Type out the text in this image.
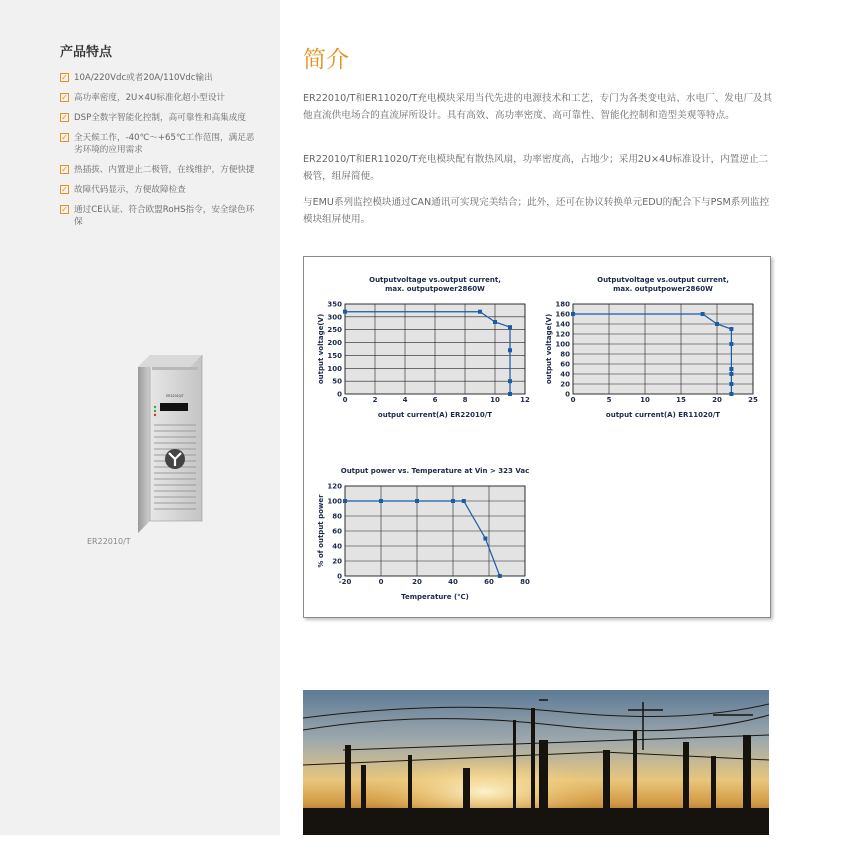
产品特点
✓ 10A/220Vdc或者20A/110Vdc输出
✓ 高功率密度，2U×4U标准化超小型设计
✓ DSP全数字智能化控制，高可靠性和高集成度
✓ 全天候工作，-40℃～+65℃工作范围，满足恶劣环境的应用需求
✓ 热插拔、内置逆止二极管，在线维护，方便快捷
✓ 故障代码显示，方便故障检查
✓ 通过CE认证、符合欧盟RoHS指令，安全绿色环保
ER22010/T
ER22010/T
简介

ER22010/T和ER11020/T充电模块采用当代先进的电源技术和工艺，专门为各类变电站、水电厂、发电厂及其他直流供电场合的直流屏所设计。具有高效、高功率密度、高可靠性、智能化控制和造型美观等特点。

ER22010/T和ER11020/T充电模块配有散热风扇，功率密度高，占地少；采用2U×4U标准设计，内置逆止二极管，组屏简便。

与EMU系列监控模块通过CAN通讯可实现完美结合；此外，还可在协议转换单元EDU的配合下与PSM系列监控模块组屏使用。

0	2	4	6	8	10	12
0
50
100
150
200
250
300
350
Outputvoltage vs.output current,
max. outputpower2860W
output current(A) ER22010/T
output voltage(V)
0	5	10	15	20	25
0
20
40
60
80
100
120
140
160
180
Outputvoltage vs.output current,
max. outputpower2860W
output current(A) ER11020/T
output voltage(V)
-20	0	20	40	60	80
0
20
40
60
80
100
120
Output power vs. Temperature at Vin > 323 Vac
Temperature (℃)
% of output power
